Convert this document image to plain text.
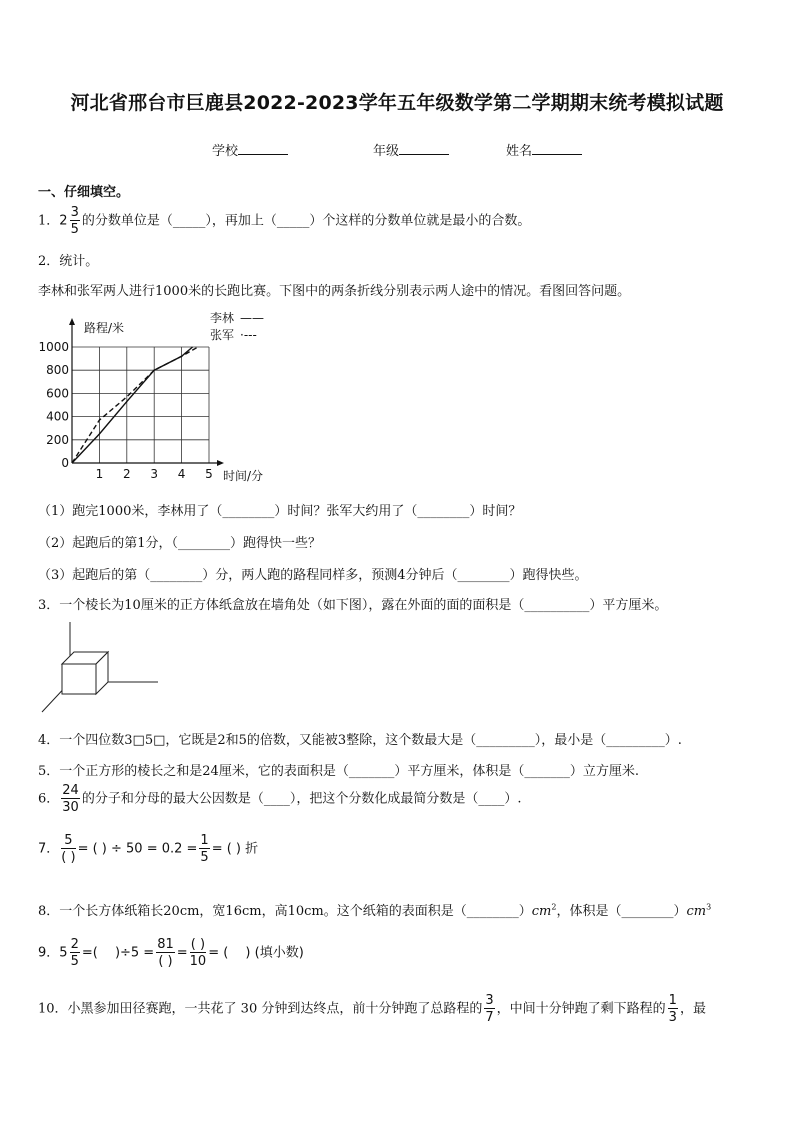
河北省邢台市巨鹿县2022-2023学年五年级数学第二学期期末统考模拟试题
学校	年级	姓名
一、仔细填空。
1．$2 \frac{3}{5}$ 的分数单位是（_____），再加上（_____）个这样的分数单位就是最小的合数。
2．统计。
李林和张军两人进行1000米的长跑比赛。下图中的两条折线分别表示两人途中的情况。看图回答问题。
0
200
400
600
800
1000
1 2 3 4 5
路程/米
时间/分
李林 ——
张军 ·---
（1）跑完1000米，李林用了（________）时间？张军大约用了（________）时间？
（2）起跑后的第1分，（________）跑得快一些？
（3）起跑后的第（________）分，两人跑的路程同样多，预测4分钟后（________）跑得快些。
3．一个棱长为10厘米的正方体纸盒放在墙角处（如下图），露在外面的面的面积是（__________）平方厘米。
4．一个四位数3□5□，它既是2和5的倍数，又能被3整除，这个数最大是（_________），最小是（_________）.
5．一个正方形的棱长之和是24厘米，它的表面积是（_______）平方厘米，体积是（_______）立方厘米.
6． $\frac{24}{30}$ 的分子和分母的最大公因数是（____），把这个分数化成最简分数是（____）.
7． $\frac{5}{( )}$ = ( ) ÷ $50 = 0.2 = \frac{1}{5}$ = ( ) 折
8．一个长方体纸箱长20cm，宽16cm，高10cm。这个纸箱的表面积是$(\_\_\_\_\_\_\_\_)cm^2$，体积是$(\_\_\_\_\_\_\_\_)cm^3$
9．$5 \frac{2}{5}$ =(　 )$\div 5 = \frac{81}{( )} = \frac{( )}{10}$ = (　 ) (填小数)
10．小黑参加田径赛跑，一共花了 30 分钟到达终点，前十分钟跑了总路程的 $\frac{3}{7}$ ，中间十分钟跑了剩下路程的 $\frac{1}{3}$ ，最
